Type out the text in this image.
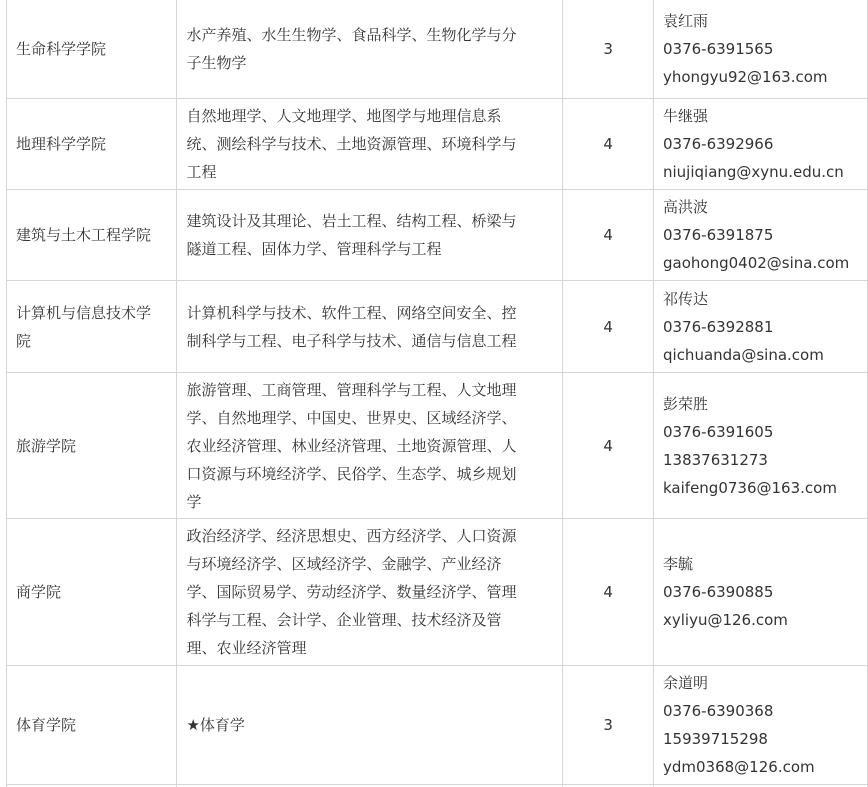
生命科学学院	水产养殖、水生生物学、食品科学、生物化学与分
子生物学	3	袁红雨
0376-6391565
yhongyu92@163.com

地理科学学院	自然地理学、人文地理学、地图学与地理信息系
统、测绘科学与技术、土地资源管理、环境科学与
工程	4	牛继强
0376-6392966
niujiqiang@xynu.edu.cn

建筑与土木工程学院	建筑设计及其理论、岩土工程、结构工程、桥梁与
隧道工程、固体力学、管理科学与工程	4	高洪波
0376-6391875
gaohong0402@sina.com

计算机与信息技术学
院	计算机科学与技术、软件工程、网络空间安全、控
制科学与工程、电子科学与技术、通信与信息工程	4	祁传达
0376-6392881
qichuanda@sina.com

旅游学院	旅游管理、工商管理、管理科学与工程、人文地理
学、自然地理学、中国史、世界史、区域经济学、
农业经济管理、林业经济管理、土地资源管理、人
口资源与环境经济学、民俗学、生态学、城乡规划
学	4	彭荣胜
0376-6391605
13837631273
kaifeng0736@163.com

商学院	政治经济学、经济思想史、西方经济学、人口资源
与环境经济学、区域经济学、金融学、产业经济
学、国际贸易学、劳动经济学、数量经济学、管理
科学与工程、会计学、企业管理、技术经济及管
理、农业经济管理	4	李毓
0376-6390885
xyliyu@126.com

体育学院	★体育学	3	余道明
0376-6390368
15939715298
ydm0368@126.com
